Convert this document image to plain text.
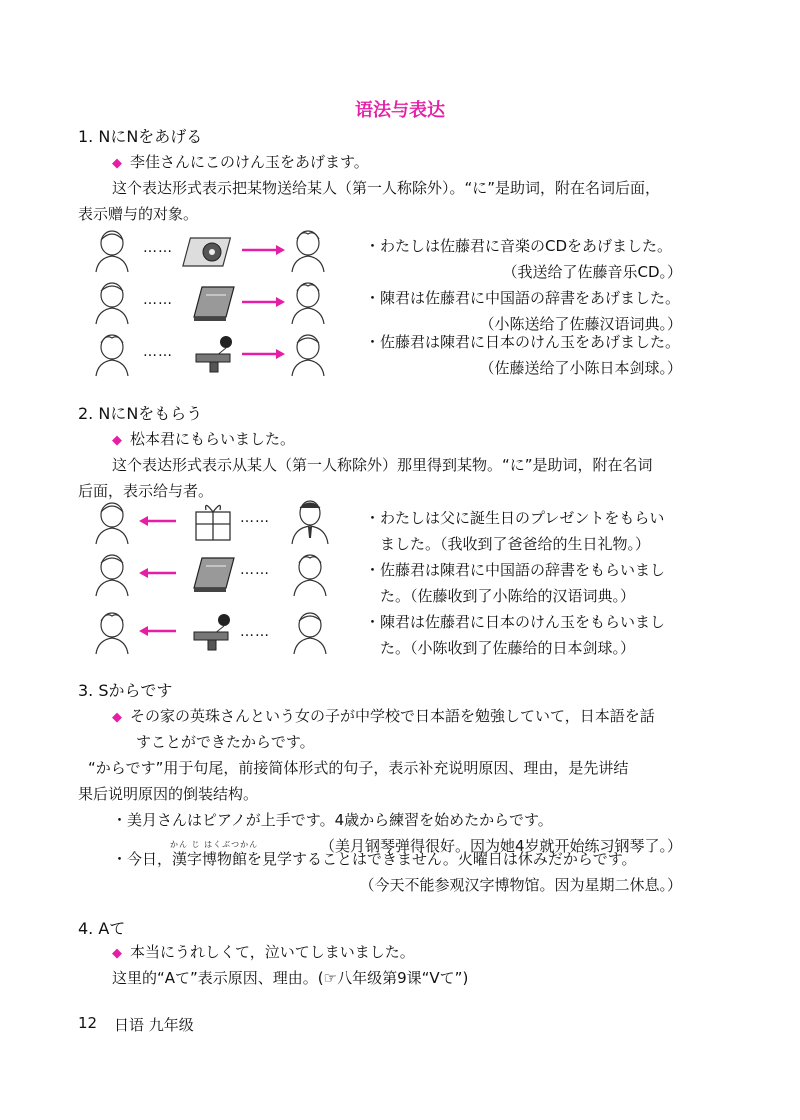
语法与表达
1. NにNをあげる
◆ 李佳さんにこのけん玉をあげます。
这个表达形式表示把某物送给某人（第一人称除外）。“に”是助词，附在名词后面，
表示赠与的对象。
……
……
……
・わたしは佐藤君に音楽のCDをあげました。
（我送给了佐藤音乐CD。）
・陳君は佐藤君に中国語の辞書をあげました。
（小陈送给了佐藤汉语词典。）
・佐藤君は陳君に日本のけん玉をあげました。
（佐藤送给了小陈日本剑球。）
2. NにNをもらう
◆ 松本君にもらいました。
这个表达形式表示从某人（第一人称除外）那里得到某物。“に”是助词，附在名词
后面，表示给与者。
……
……
……
・わたしは父に誕生日のプレゼントをもらい
ました。（我收到了爸爸给的生日礼物。）
・佐藤君は陳君に中国語の辞書をもらいまし
た。（佐藤收到了小陈给的汉语词典。）
・陳君は佐藤君に日本のけん玉をもらいまし
た。（小陈收到了佐藤给的日本剑球。）
3. Sからです
◆ その家の英珠さんという女の子が中学校で日本語を勉強していて，日本語を話
すことができたからです。
“からです”用于句尾，前接简体形式的句子，表示补充说明原因、理由，是先讲结
果后说明原因的倒装结构。
・美月さんはピアノが上手です。4歳から練習を始めたからです。
（美月钢琴弹得很好。因为她4岁就开始练习钢琴了。）
かん じ はくぶつかん
・今日，漢字博物館を見学することはできません。火曜日は休みだからです。
（今天不能参观汉字博物馆。因为星期二休息。）
4. Aて
◆ 本当にうれしくて，泣いてしまいました。
这里的“Aて”表示原因、理由。(☞八年级第9课“Vて”)
12 日语 九年级
